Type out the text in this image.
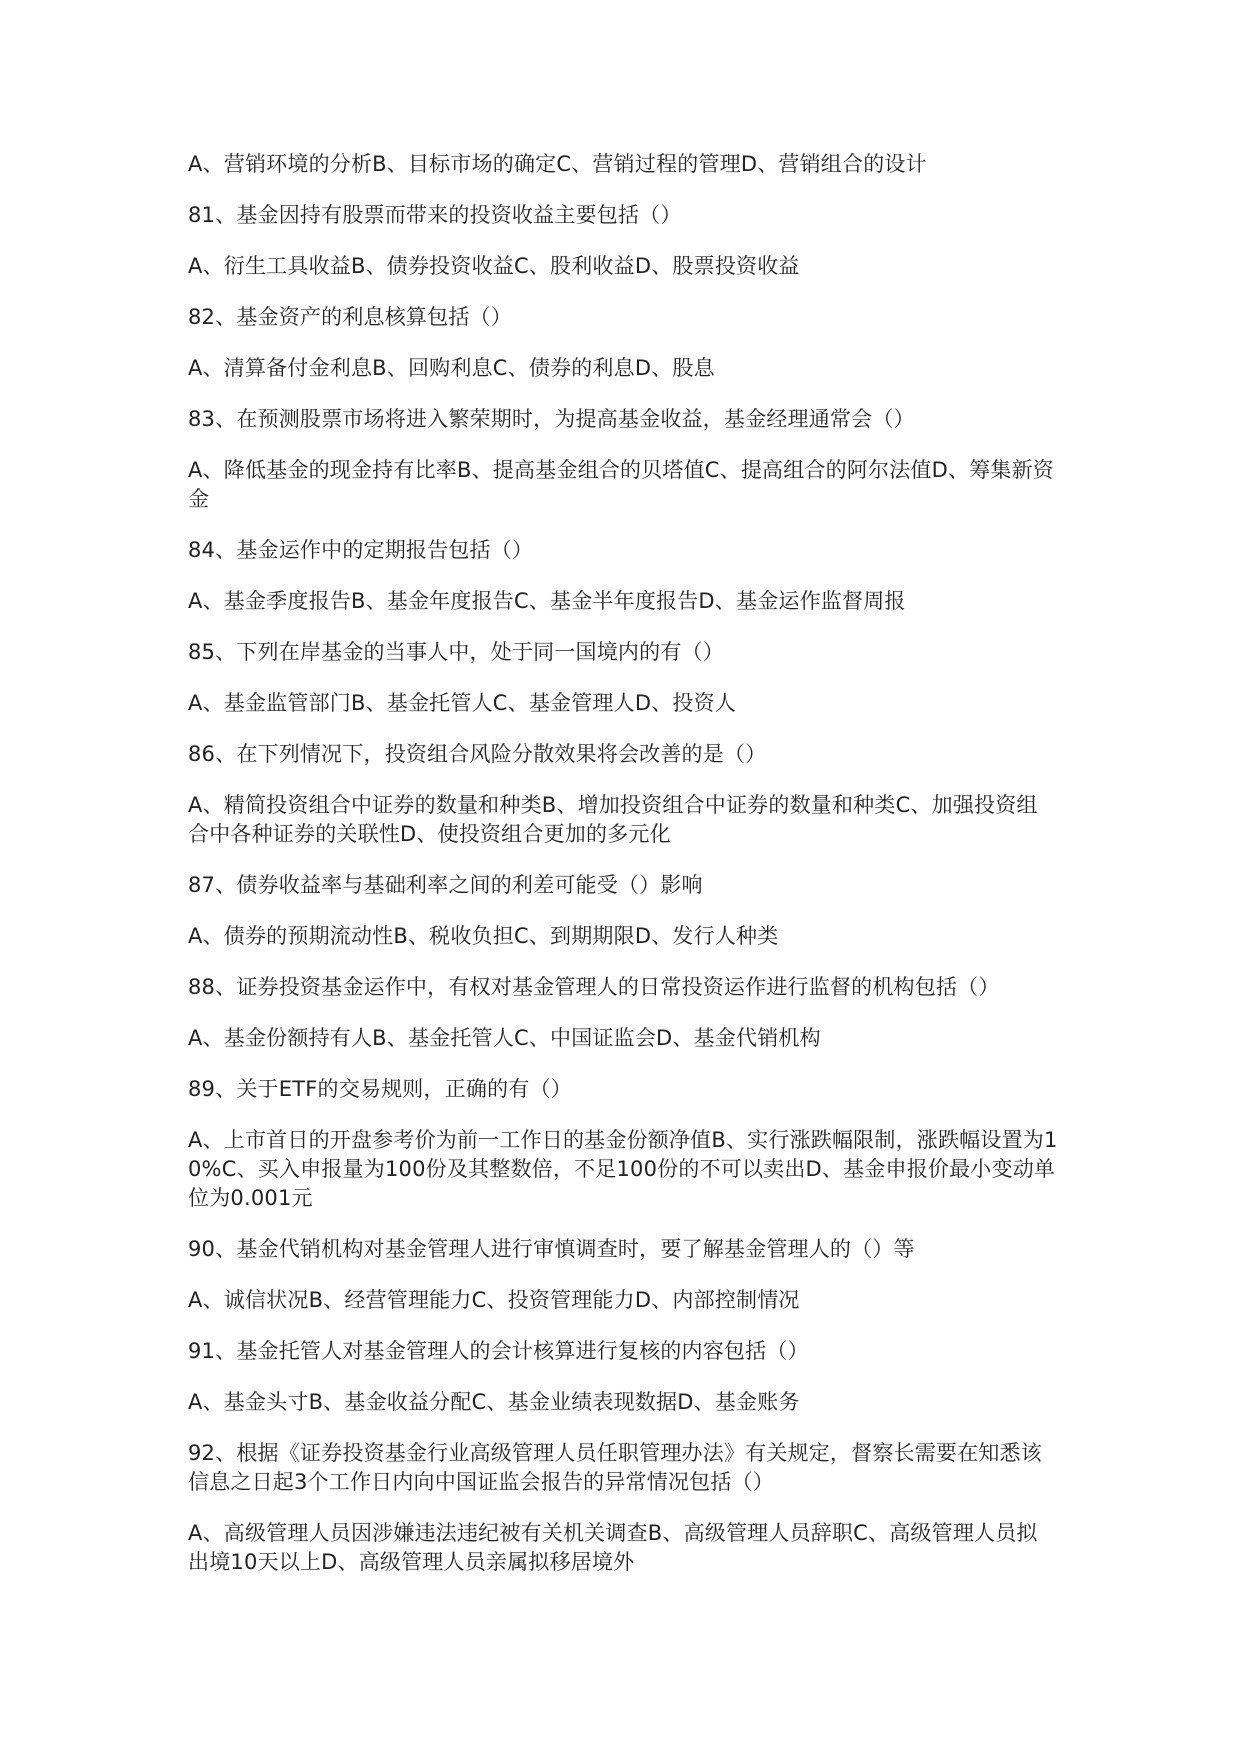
A、营销环境的分析B、目标市场的确定C、营销过程的管理D、营销组合的设计

81、基金因持有股票而带来的投资收益主要包括（）

A、衍生工具收益B、债券投资收益C、股利收益D、股票投资收益

82、基金资产的利息核算包括（）

A、清算备付金利息B、回购利息C、债券的利息D、股息

83、在预测股票市场将进入繁荣期时，为提高基金收益，基金经理通常会（）

A、降低基金的现金持有比率B、提高基金组合的贝塔值C、提高组合的阿尔法值D、筹集新资金

84、基金运作中的定期报告包括（）

A、基金季度报告B、基金年度报告C、基金半年度报告D、基金运作监督周报

85、下列在岸基金的当事人中，处于同一国境内的有（）

A、基金监管部门B、基金托管人C、基金管理人D、投资人

86、在下列情况下，投资组合风险分散效果将会改善的是（）

A、精简投资组合中证券的数量和种类B、增加投资组合中证券的数量和种类C、加强投资组合中各种证券的关联性D、使投资组合更加的多元化

87、债券收益率与基础利率之间的利差可能受（）影响

A、债券的预期流动性B、税收负担C、到期期限D、发行人种类

88、证券投资基金运作中，有权对基金管理人的日常投资运作进行监督的机构包括（）

A、基金份额持有人B、基金托管人C、中国证监会D、基金代销机构

89、关于ETF的交易规则，正确的有（）

A、上市首日的开盘参考价为前一工作日的基金份额净值B、实行涨跌幅限制，涨跌幅设置为10%C、买入申报量为100份及其整数倍，不足100份的不可以卖出D、基金申报价最小变动单位为0.001元

90、基金代销机构对基金管理人进行审慎调查时，要了解基金管理人的（）等

A、诚信状况B、经营管理能力C、投资管理能力D、内部控制情况

91、基金托管人对基金管理人的会计核算进行复核的内容包括（）

A、基金头寸B、基金收益分配C、基金业绩表现数据D、基金账务

92、根据《证券投资基金行业高级管理人员任职管理办法》有关规定，督察长需要在知悉该信息之日起3个工作日内向中国证监会报告的异常情况包括（）

A、高级管理人员因涉嫌违法违纪被有关机关调查B、高级管理人员辞职C、高级管理人员拟出境10天以上D、高级管理人员亲属拟移居境外
